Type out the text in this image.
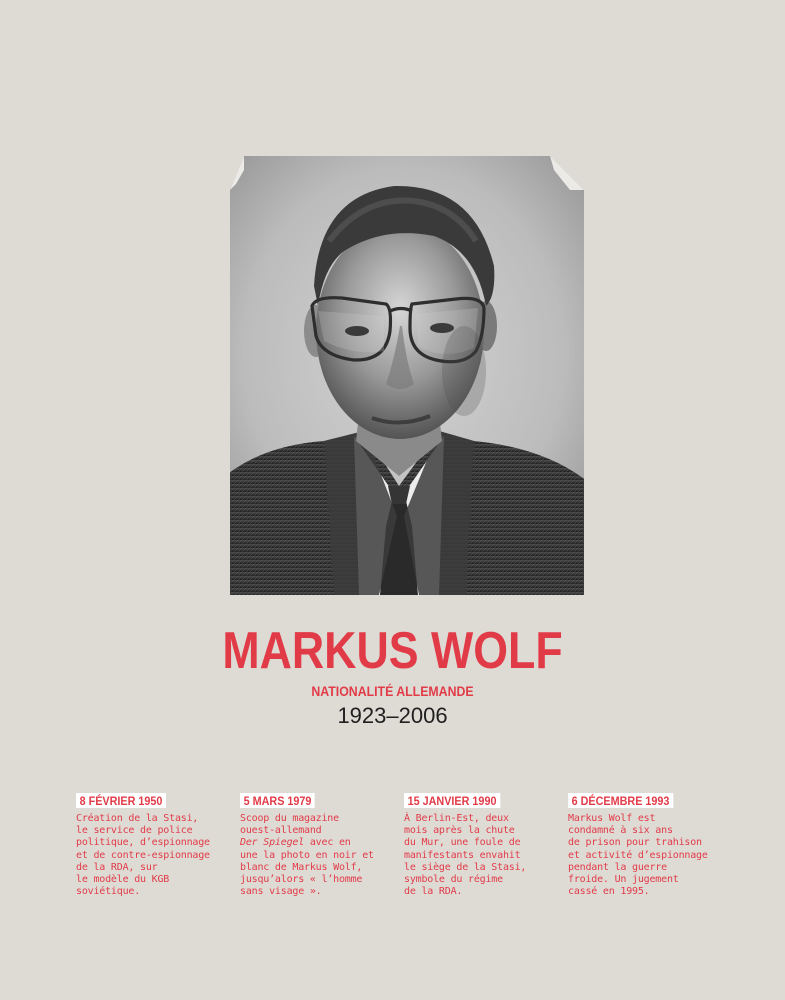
MARKUS WOLF
NATIONALITÉ ALLEMANDE
1923–2006
8 FÉVRIER 1950
Création de la Stasi,
le service de police
politique, d’espionnage
et de contre-espionnage
de la RDA, sur
le modèle du KGB
soviétique.
5 MARS 1979
Scoop du magazine
ouest-allemand
Der Spiegel avec en
une la photo en noir et
blanc de Markus Wolf,
jusqu’alors « l’homme
sans visage ».
15 JANVIER 1990
À Berlin-Est, deux
mois après la chute
du Mur, une foule de
manifestants envahit
le siège de la Stasi,
symbole du régime
de la RDA.
6 DÉCEMBRE 1993
Markus Wolf est
condamné à six ans
de prison pour trahison
et activité d’espionnage
pendant la guerre
froide. Un jugement
cassé en 1995.
